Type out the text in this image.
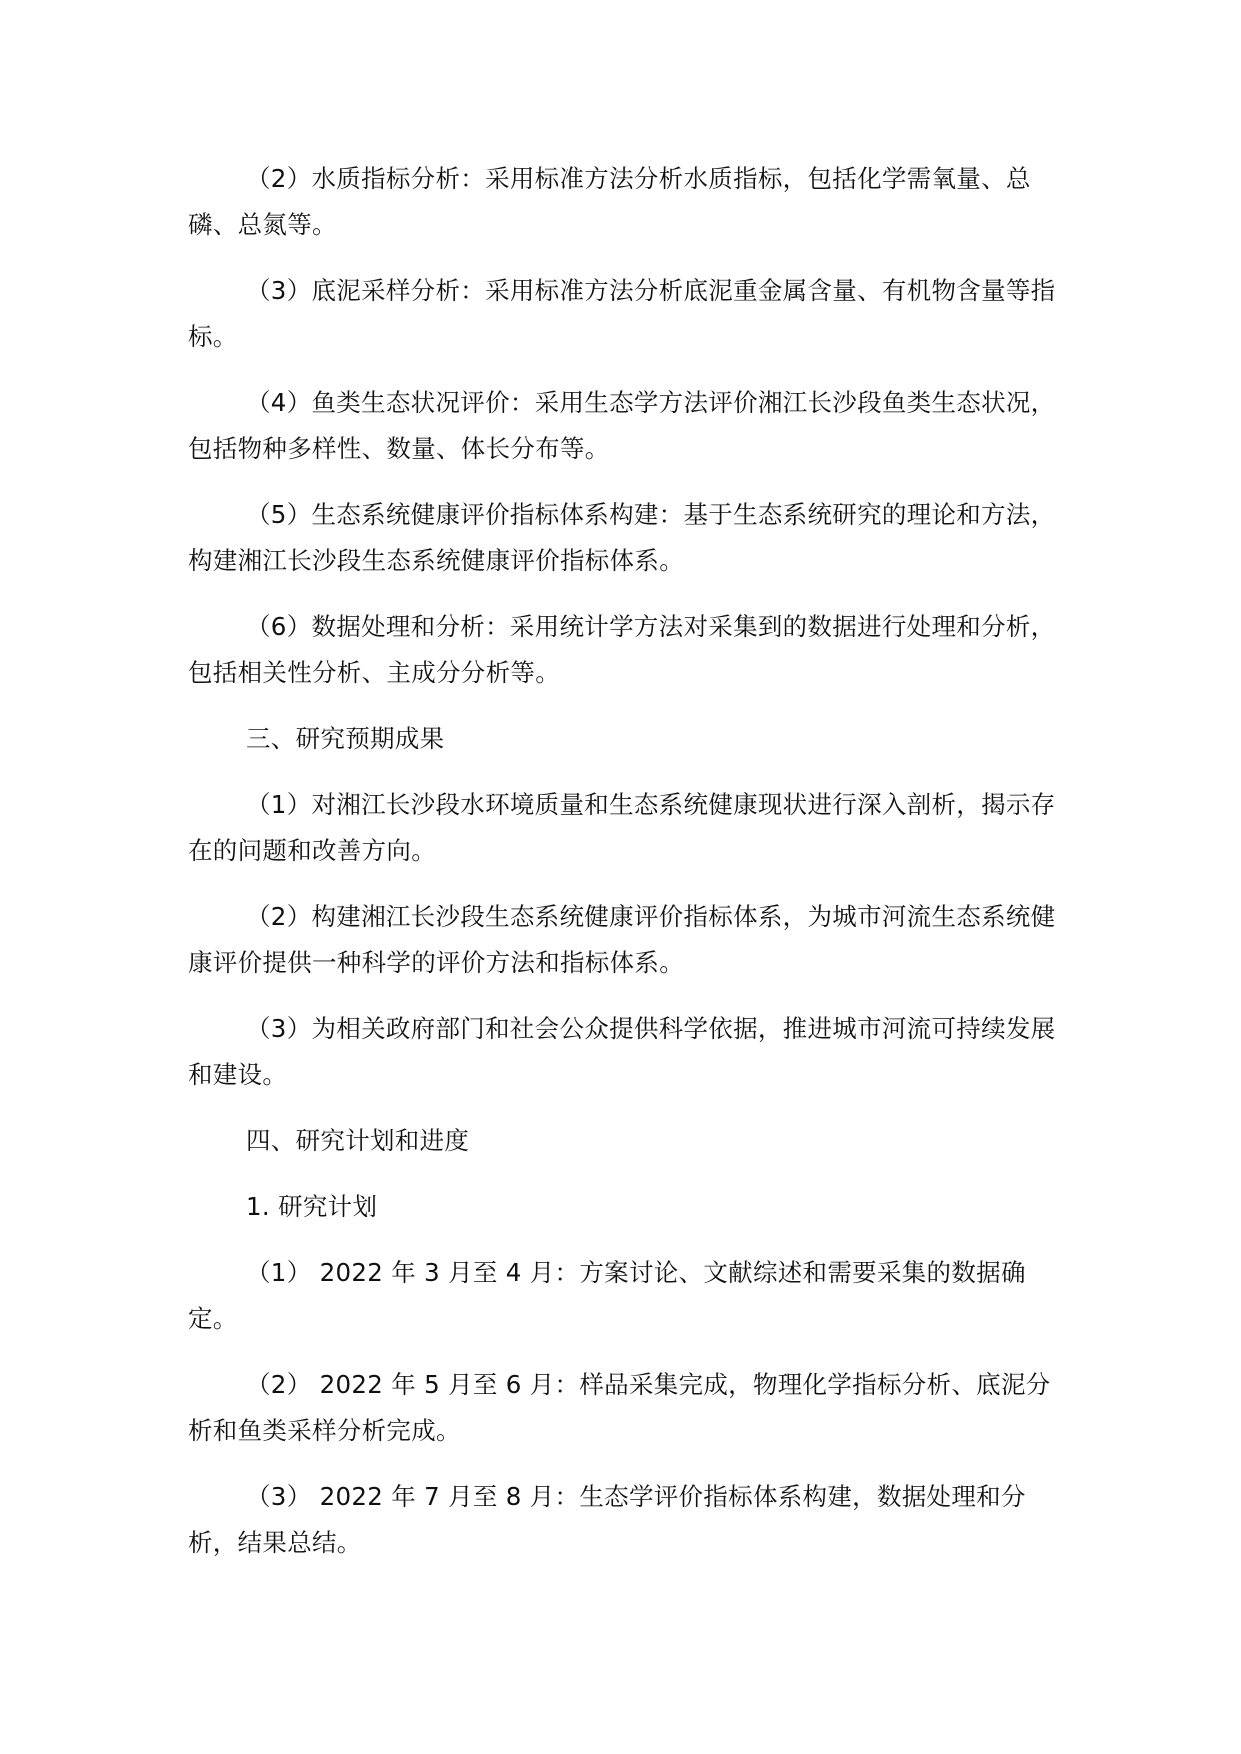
（2）水质指标分析：采用标准方法分析水质指标，包括化学需氧量、总磷、总氮等。

（3）底泥采样分析：采用标准方法分析底泥重金属含量、有机物含量等指标。

（4）鱼类生态状况评价：采用生态学方法评价湘江长沙段鱼类生态状况，包括物种多样性、数量、体长分布等。

（5）生态系统健康评价指标体系构建：基于生态系统研究的理论和方法，构建湘江长沙段生态系统健康评价指标体系。

（6）数据处理和分析：采用统计学方法对采集到的数据进行处理和分析，包括相关性分析、主成分分析等。

三、研究预期成果

（1）对湘江长沙段水环境质量和生态系统健康现状进行深入剖析，揭示存在的问题和改善方向。

（2）构建湘江长沙段生态系统健康评价指标体系，为城市河流生态系统健康评价提供一种科学的评价方法和指标体系。

（3）为相关政府部门和社会公众提供科学依据，推进城市河流可持续发展和建设。

四、研究计划和进度

1. 研究计划

（1） 2022 年 3 月至 4 月：方案讨论、文献综述和需要采集的数据确定。

（2） 2022 年 5 月至 6 月：样品采集完成，物理化学指标分析、底泥分析和鱼类采样分析完成。

（3） 2022 年 7 月至 8 月：生态学评价指标体系构建，数据处理和分析，结果总结。
